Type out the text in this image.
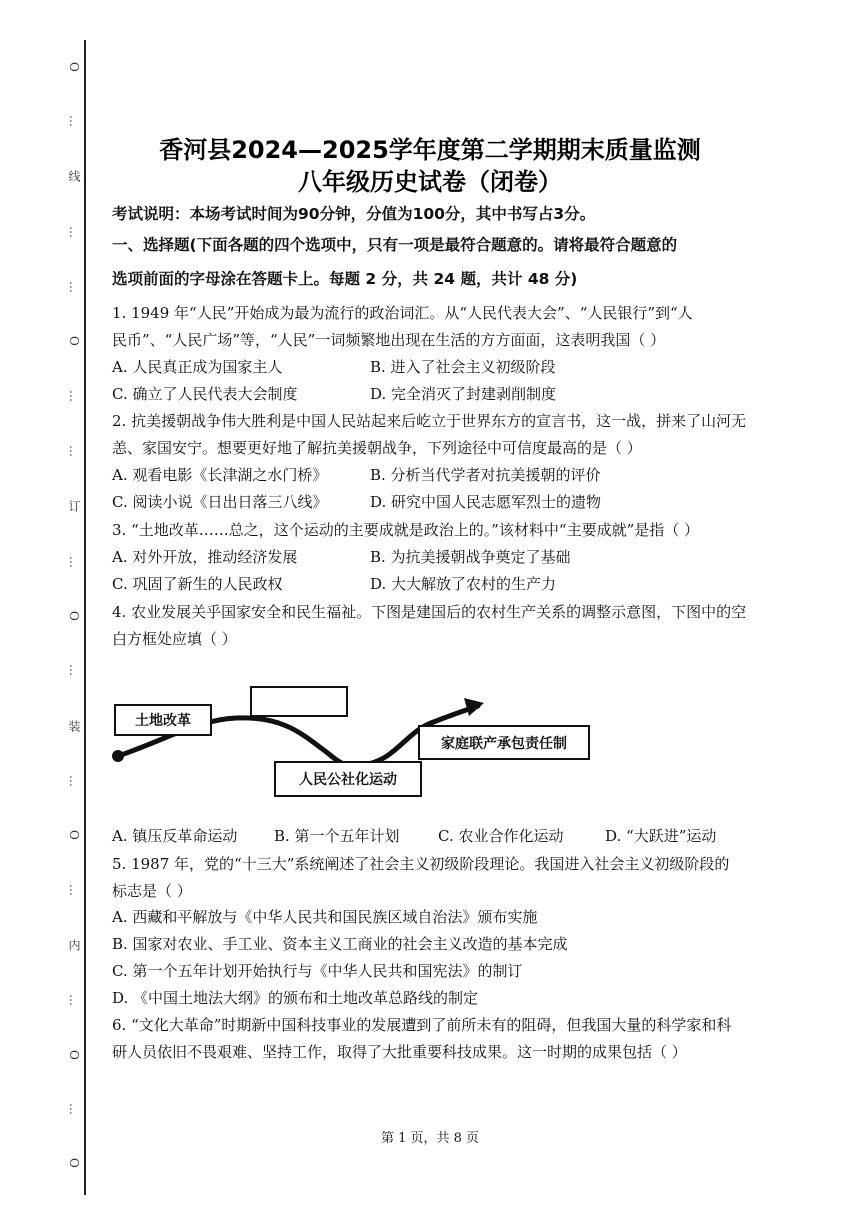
O
…
线
…
…
O
…
…
订
…
O
…
装
…
O
…
内
…
O
…
O
香河县2024—2025学年度第二学期期末质量监测
八年级历史试卷（闭卷）
考试说明：本场考试时间为90分钟，分值为100分，其中书写占3分。
一、选择题(下面各题的四个选项中，只有一项是最符合题意的。请将最符合题意的
选项前面的字母涂在答题卡上。每题 2 分，共 24 题，共计 48 分)
1. 1949 年“人民”开始成为最为流行的政治词汇。从“人民代表大会”、“人民银行”到“人
民币”、“人民广场”等，“人民”一词频繁地出现在生活的方方面面，这表明我国（ ）
A. 人民真正成为国家主人	B. 进入了社会主义初级阶段
C. 确立了人民代表大会制度	D. 完全消灭了封建剥削制度
2. 抗美援朝战争伟大胜利是中国人民站起来后屹立于世界东方的宣言书，这一战，拼来了山河无
恙、家国安宁。想要更好地了解抗美援朝战争，下列途径中可信度最高的是（ ）
A. 观看电影《长津湖之水门桥》	B. 分析当代学者对抗美援朝的评价
C. 阅读小说《日出日落三八线》	D. 研究中国人民志愿军烈士的遗物
3. “土地改革……总之，这个运动的主要成就是政治上的。”该材料中“主要成就”是指（ ）
A. 对外开放，推动经济发展	B. 为抗美援朝战争奠定了基础
C. 巩固了新生的人民政权	D. 大大解放了农村的生产力
4. 农业发展关乎国家安全和民生福祉。下图是建国后的农村生产关系的调整示意图，下图中的空
白方框处应填（ ）
土地改革
人民公社化运动
家庭联产承包责任制
A. 镇压反革命运动 B. 第一个五年计划	C. 农业合作化运动	D. “大跃进”运动
5. 1987 年，党的“十三大”系统阐述了社会主义初级阶段理论。我国进入社会主义初级阶段的
标志是（ ）
A. 西藏和平解放与《中华人民共和国民族区域自治法》颁布实施
B. 国家对农业、手工业、资本主义工商业的社会主义改造的基本完成
C. 第一个五年计划开始执行与《中华人民共和国宪法》的制订
D. 《中国土地法大纲》的颁布和土地改革总路线的制定
6. “文化大革命”时期新中国科技事业的发展遭到了前所未有的阻碍，但我国大量的科学家和科
研人员依旧不畏艰难、坚持工作，取得了大批重要科技成果。这一时期的成果包括（ ）
第 1 页，共 8 页
